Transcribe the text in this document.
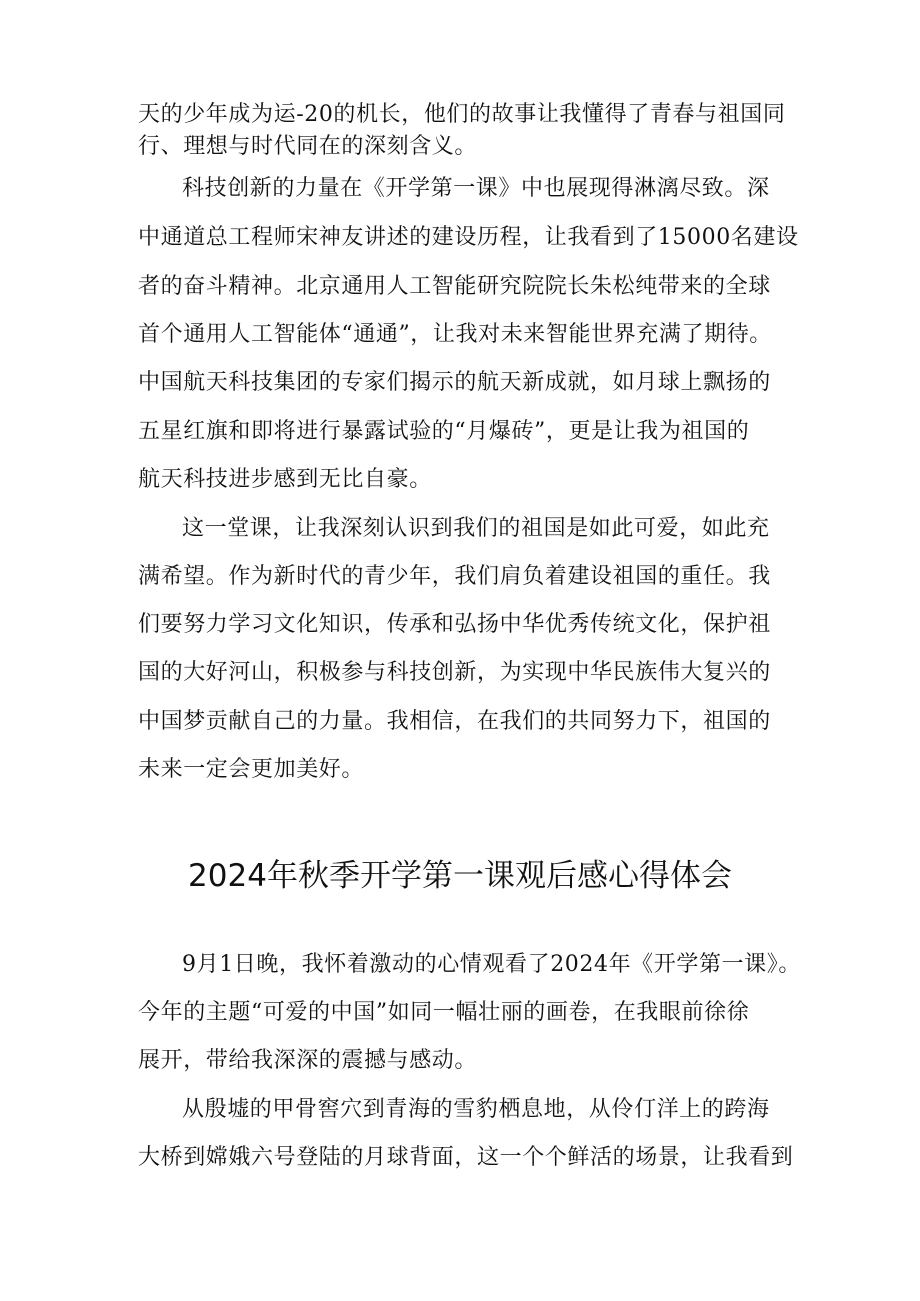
天的少年成为运-20的机长，他们的故事让我懂得了青春与祖国同
行、理想与时代同在的深刻含义。
科技创新的力量在《开学第一课》中也展现得淋漓尽致。深
中通道总工程师宋神友讲述的建设历程，让我看到了15000名建设
者的奋斗精神。北京通用人工智能研究院院长朱松纯带来的全球
首个通用人工智能体“通通”，让我对未来智能世界充满了期待。
中国航天科技集团的专家们揭示的航天新成就，如月球上飘扬的
五星红旗和即将进行暴露试验的“月爆砖”，更是让我为祖国的
航天科技进步感到无比自豪。
这一堂课，让我深刻认识到我们的祖国是如此可爱，如此充
满希望。作为新时代的青少年，我们肩负着建设祖国的重任。我
们要努力学习文化知识，传承和弘扬中华优秀传统文化，保护祖
国的大好河山，积极参与科技创新，为实现中华民族伟大复兴的
中国梦贡献自己的力量。我相信，在我们的共同努力下，祖国的
未来一定会更加美好。
2024年秋季开学第一课观后感心得体会
9月1日晚，我怀着激动的心情观看了2024年《开学第一课》。
今年的主题“可爱的中国”如同一幅壮丽的画卷，在我眼前徐徐
展开，带给我深深的震撼与感动。
从殷墟的甲骨窖穴到青海的雪豹栖息地，从伶仃洋上的跨海
大桥到嫦娥六号登陆的月球背面，这一个个鲜活的场景，让我看到
